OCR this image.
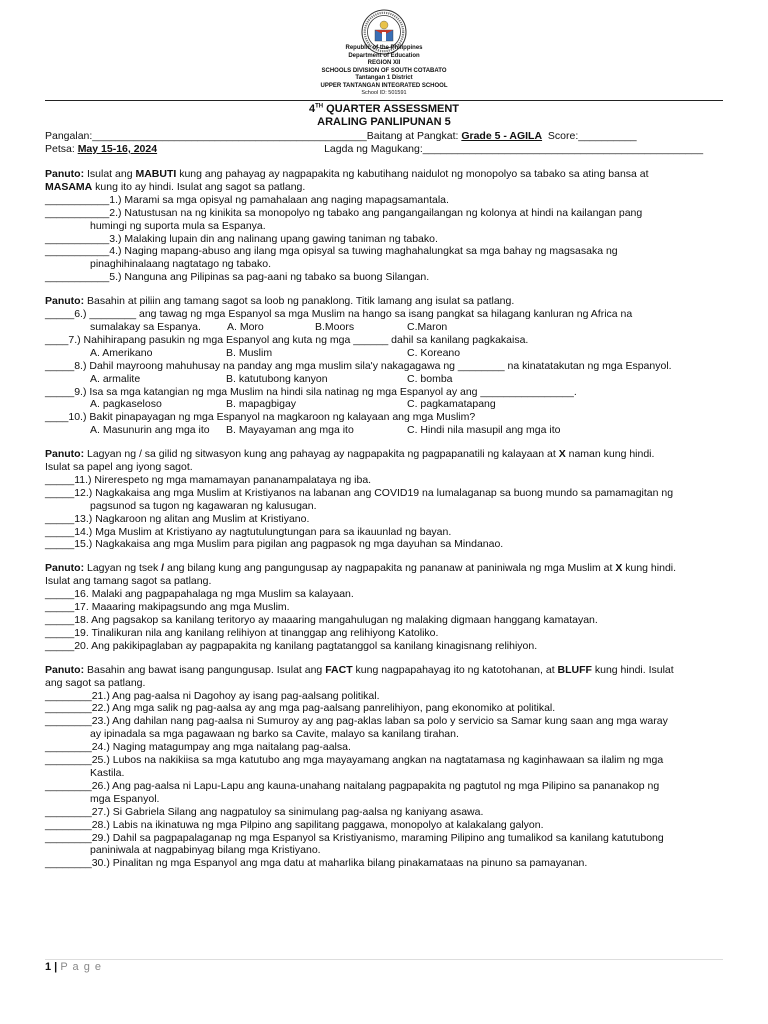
Republic of the Philippines
Department of Education
REGION XII
SCHOOLS DIVISION OF SOUTH COTABATO
Tantangan 1 District
UPPER TANTANGAN INTEGRATED SCHOOL
School ID: 501591
4TH QUARTER ASSESSMENT
ARALING PANLIPUNAN 5
Pangalan:_______________________________________________Baitang at Pangkat: Grade 5 - AGILA  Score:__________
Petsa: May 15-16, 2024	Lagda ng Magukang:________________________________________________
Panuto: Isulat ang MABUTI kung ang pahayag ay nagpapakita ng kabutihang naidulot ng monopolyo sa tabako sa ating bansa at
MASAMA kung ito ay hindi. Isulat ang sagot sa patlang.
___________1.) Marami sa mga opisyal ng pamahalaan ang naging mapagsamantala.
___________2.) Natustusan na ng kinikita sa monopolyo ng tabako ang pangangailangan ng kolonya at hindi na kailangan pang
humingi ng suporta mula sa Espanya.
___________3.) Malaking lupain din ang nalinang upang gawing taniman ng tabako.
___________4.) Naging mapang-abuso ang ilang mga opisyal sa tuwing maghahalungkat sa mga bahay ng magsasaka ng
pinaghihinalaang nagtatago ng tabako.
___________5.) Nanguna ang Pilipinas sa pag-aani ng tabako sa buong Silangan.
Panuto: Basahin at piliin ang tamang sagot sa loob ng panaklong. Titik lamang ang isulat sa patlang.
_____6.) ________ ang tawag ng mga Espanyol sa mga Muslim na hango sa isang pangkat sa hilagang kanluran ng Africa na
sumalakay sa Espanya.	A. Moro	B.Moors	C.Maron
____7.) Nahihirapang pasukin ng mga Espanyol ang kuta ng mga ______ dahil sa kanilang pagkakaisa.
A. Amerikano	B. Muslim	C. Koreano
_____8.) Dahil mayroong mahuhusay na panday ang mga muslim sila'y nakagagawa ng ________ na kinatatakutan ng mga Espanyol.
A. armalite	B. katutubong kanyon	C. bomba
_____9.) Isa sa mga katangian ng mga Muslim na hindi sila natinag ng mga Espanyol ay ang ________________.
A. pagkaseloso	B. mapagbigay	C. pagkamatapang
____10.) Bakit pinapayagan ng mga Espanyol na magkaroon ng kalayaan ang mga Muslim?
A. Masunurin ang mga ito	B. Mayayaman ang mga ito	C. Hindi nila masupil ang mga ito
Panuto: Lagyan ng / sa gilid ng sitwasyon kung ang pahayag ay nagpapakita ng pagpapanatili ng kalayaan at X naman kung hindi.
Isulat sa papel ang iyong sagot.
_____11.) Nirerespeto ng mga mamamayan pananampalataya ng iba.
_____12.) Nagkakaisa ang mga Muslim at Kristiyanos na labanan ang COVID19 na lumalaganap sa buong mundo sa pamamagitan ng
pagsunod sa tugon ng kagawaran ng kalusugan.
_____13.) Nagkaroon ng alitan ang Muslim at Kristiyano.
_____14.) Mga Muslim at Kristiyano ay nagtutulungtungan para sa ikauunlad ng bayan.
_____15.) Nagkakaisa ang mga Muslim para pigilan ang pagpasok ng mga dayuhan sa Mindanao.
Panuto: Lagyan ng tsek / ang bilang kung ang pangungusap ay nagpapakita ng pananaw at paniniwala ng mga Muslim at X kung hindi.
Isulat ang tamang sagot sa patlang.
_____16. Malaki ang pagpapahalaga ng mga Muslim sa kalayaan.
_____17. Maaaring makipagsundo ang mga Muslim.
_____18. Ang pagsakop sa kanilang teritoryo ay maaaring mangahulugan ng malaking digmaan hanggang kamatayan.
_____19. Tinalikuran nila ang kanilang relihiyon at tinanggap ang relihiyong Katoliko.
_____20. Ang pakikipaglaban ay pagpapakita ng kanilang pagtatanggol sa kanilang kinagisnang relihiyon.
Panuto: Basahin ang bawat isang pangungusap. Isulat ang FACT kung nagpapahayag ito ng katotohanan, at BLUFF kung hindi. Isulat
ang sagot sa patlang.
________21.) Ang pag-aalsa ni Dagohoy ay isang pag-aalsang politikal.
________22.) Ang mga salik ng pag-aalsa ay ang mga pag-aalsang panrelihiyon, pang ekonomiko at politikal.
________23.) Ang dahilan nang pag-aalsa ni Sumuroy ay ang pag-aklas laban sa polo y servicio sa Samar kung saan ang mga waray
ay ipinadala sa mga pagawaan ng barko sa Cavite, malayo sa kanilang tirahan.
________24.) Naging matagumpay ang mga naitalang pag-aalsa.
________25.) Lubos na nakikiisa sa mga katutubo ang mga mayayamang angkan na nagtatamasa ng kaginhawaan sa ilalim ng mga
Kastila.
________26.) Ang pag-aalsa ni Lapu-Lapu ang kauna-unahang naitalang pagpapakita ng pagtutol ng mga Pilipino sa pananakop ng
mga Espanyol.
________27.) Si Gabriela Silang ang nagpatuloy sa sinimulang pag-aalsa ng kaniyang asawa.
________28.) Labis na ikinatuwa ng mga Pilpino ang sapilitang paggawa, monopolyo at kalakalang galyon.
________29.) Dahil sa pagpapalaganap ng mga Espanyol sa Kristiyanismo, maraming Pilipino ang tumalikod sa kanilang katutubong
paniniwala at nagpabinyag bilang mga Kristiyano.
________30.) Pinalitan ng mga Espanyol ang mga datu at maharlika bilang pinakamataas na pinuno sa pamayanan.
1 | P a g e
